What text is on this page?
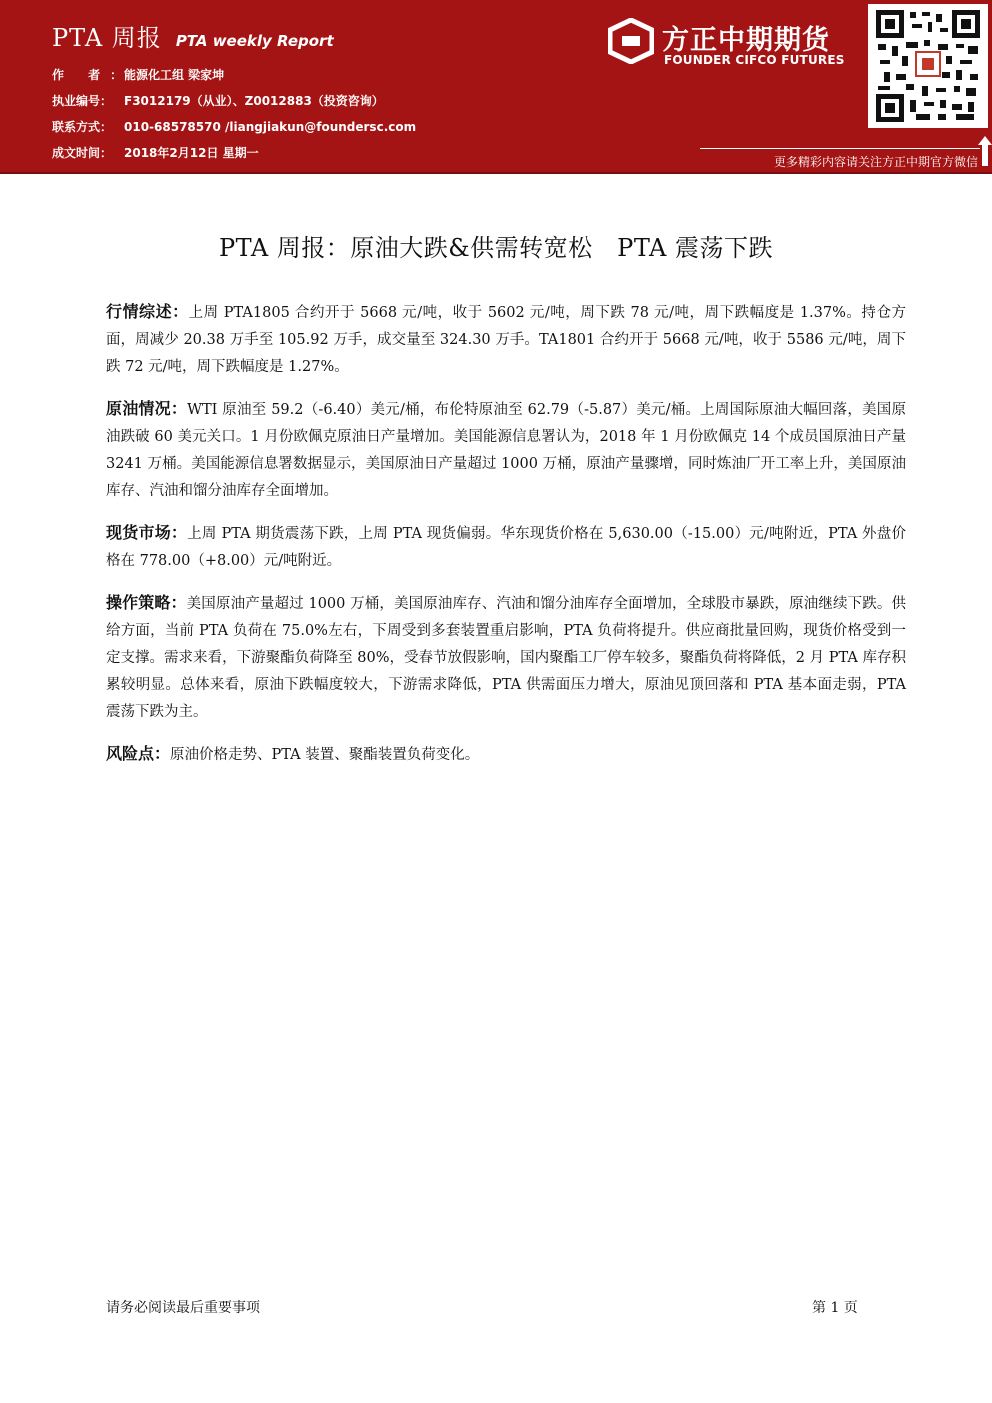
PTA 周报 PTA weekly Report
作 者：能源化工组 梁家坤
执业编号： F3012179（从业）、Z0012883（投资咨询）
联系方式： 010-68578570 /liangjiakun@foundersc.com
成文时间： 2018年2月12日 星期一
方正中期期货
FOUNDER CIFCO FUTURES
更多精彩内容请关注方正中期官方微信
PTA 周报：原油大跌&供需转宽松　PTA 震荡下跌

行情综述：上周 PTA1805 合约开于 5668 元/吨，收于 5602 元/吨，周下跌 78 元/吨，周下跌幅度是 1.37%。持仓方面，周减少 20.38 万手至 105.92 万手，成交量至 324.30 万手。TA1801 合约开于 5668 元/吨，收于 5586 元/吨，周下跌 72 元/吨，周下跌幅度是 1.27%。

原油情况：WTI 原油至 59.2（-6.40）美元/桶，布伦特原油至 62.79（-5.87）美元/桶。上周国际原油大幅回落，美国原油跌破 60 美元关口。1 月份欧佩克原油日产量增加。美国能源信息署认为，2018 年 1 月份欧佩克 14 个成员国原油日产量 3241 万桶。美国能源信息署数据显示，美国原油日产量超过 1000 万桶，原油产量骤增，同时炼油厂开工率上升，美国原油库存、汽油和馏分油库存全面增加。

现货市场：上周 PTA 期货震荡下跌，上周 PTA 现货偏弱。华东现货价格在 5,630.00（-15.00）元/吨附近，PTA 外盘价格在 778.00（+8.00）元/吨附近。

操作策略：美国原油产量超过 1000 万桶，美国原油库存、汽油和馏分油库存全面增加，全球股市暴跌，原油继续下跌。供给方面，当前 PTA 负荷在 75.0%左右，下周受到多套装置重启影响，PTA 负荷将提升。供应商批量回购，现货价格受到一定支撑。需求来看，下游聚酯负荷降至 80%，受春节放假影响，国内聚酯工厂停车较多，聚酯负荷将降低，2 月 PTA 库存积累较明显。总体来看，原油下跌幅度较大，下游需求降低，PTA 供需面压力增大，原油见顶回落和 PTA 基本面走弱，PTA 震荡下跌为主。

风险点：原油价格走势、PTA 装置、聚酯装置负荷变化。

请务必阅读最后重要事项	第 1 页
